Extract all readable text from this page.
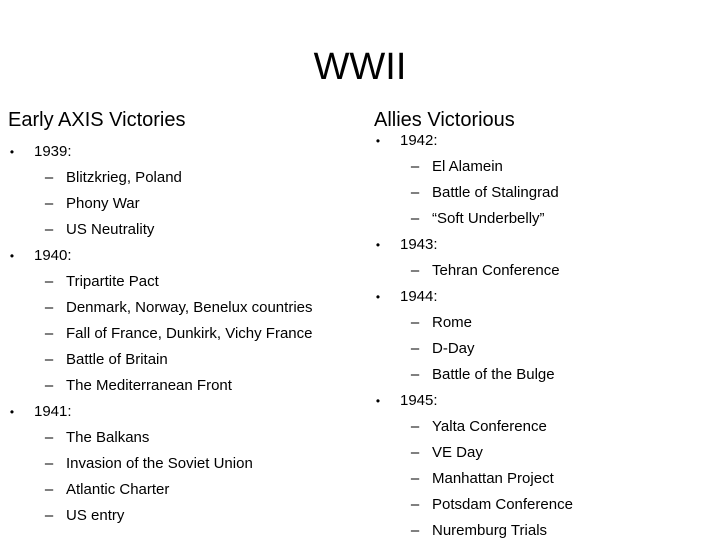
WWII
Early AXIS Victories
•	1939:
– Blitzkrieg, Poland
– Phony War
– US Neutrality
•	1940:
– Tripartite Pact
– Denmark, Norway, Benelux countries
– Fall of France, Dunkirk, Vichy France
– Battle of Britain
– The Mediterranean Front
•	1941:
– The Balkans
– Invasion of the Soviet Union
– Atlantic Charter
– US entry
Allies Victorious
•	1942:
– El Alamein
– Battle of Stalingrad
– “Soft Underbelly”
•	1943:
– Tehran Conference
•	1944:
– Rome
– D-Day
– Battle of the Bulge
•	1945:
– Yalta Conference
– VE Day
– Manhattan Project
– Potsdam Conference
– Nuremburg Trials
